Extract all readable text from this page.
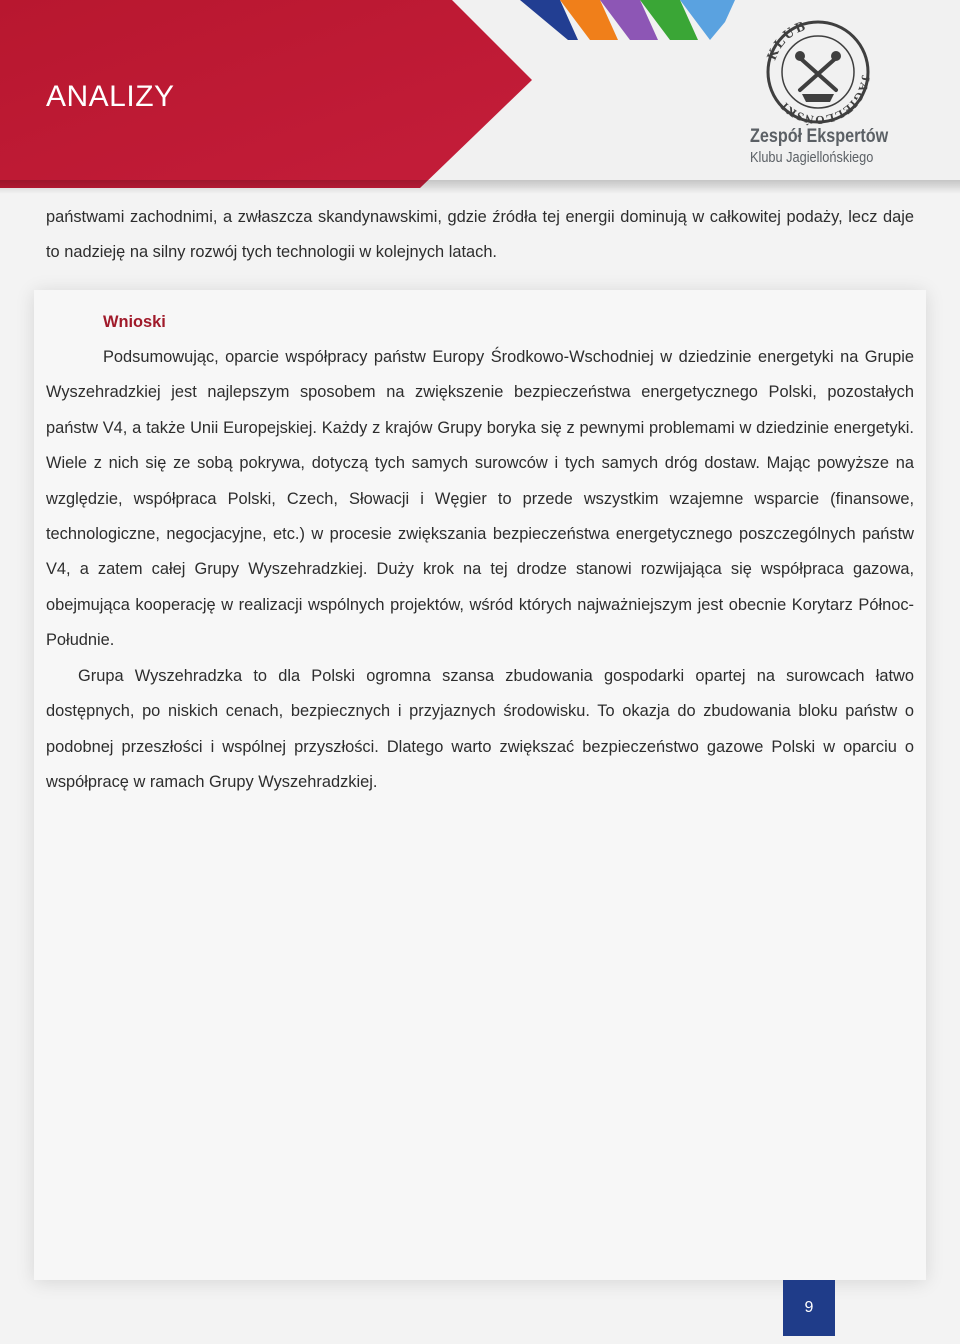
ANALIZY
KLUB
JAGIELLOŃSKI
Zespół Ekspertów
Klubu Jagiellońskiego
państwami zachodnimi, a zwłaszcza skandynawskimi, gdzie źródła tej energii dominują w całkowitej podaży, lecz daje to nadzieję na silny rozwój tych technologii w kolejnych latach.
Wnioski
Podsumowując, oparcie współpracy państw Europy Środkowo-Wschodniej w dziedzinie energetyki na Grupie Wyszehradzkiej jest najlepszym sposobem na zwiększenie bezpieczeństwa energetycznego Polski, pozostałych państw V4, a także Unii Europejskiej. Każdy z krajów Grupy boryka się z pewnymi problemami w dziedzinie energetyki. Wiele z nich się ze sobą pokrywa, dotyczą tych samych surowców i tych samych dróg dostaw. Mając powyższe na względzie, współpraca Polski, Czech, Słowacji i Węgier to przede wszystkim wzajemne wsparcie (finansowe, technologiczne, negocjacyjne, etc.) w procesie zwiększania bezpieczeństwa energetycznego poszczególnych państw V4, a zatem całej Grupy Wyszehradzkiej. Duży krok na tej drodze stanowi rozwijająca się współpraca gazowa, obejmująca kooperację w realizacji wspólnych projektów, wśród których najważniejszym jest obecnie Korytarz Północ-Południe.
Grupa Wyszehradzka to dla Polski ogromna szansa zbudowania gospodarki opartej na surowcach łatwo dostępnych, po niskich cenach, bezpiecznych i przyjaznych środowisku. To okazja do zbudowania bloku państw o podobnej przeszłości i wspólnej przyszłości. Dlatego warto zwiększać bezpieczeństwo gazowe Polski w oparciu o współpracę w ramach Grupy Wyszehradzkiej.
9
